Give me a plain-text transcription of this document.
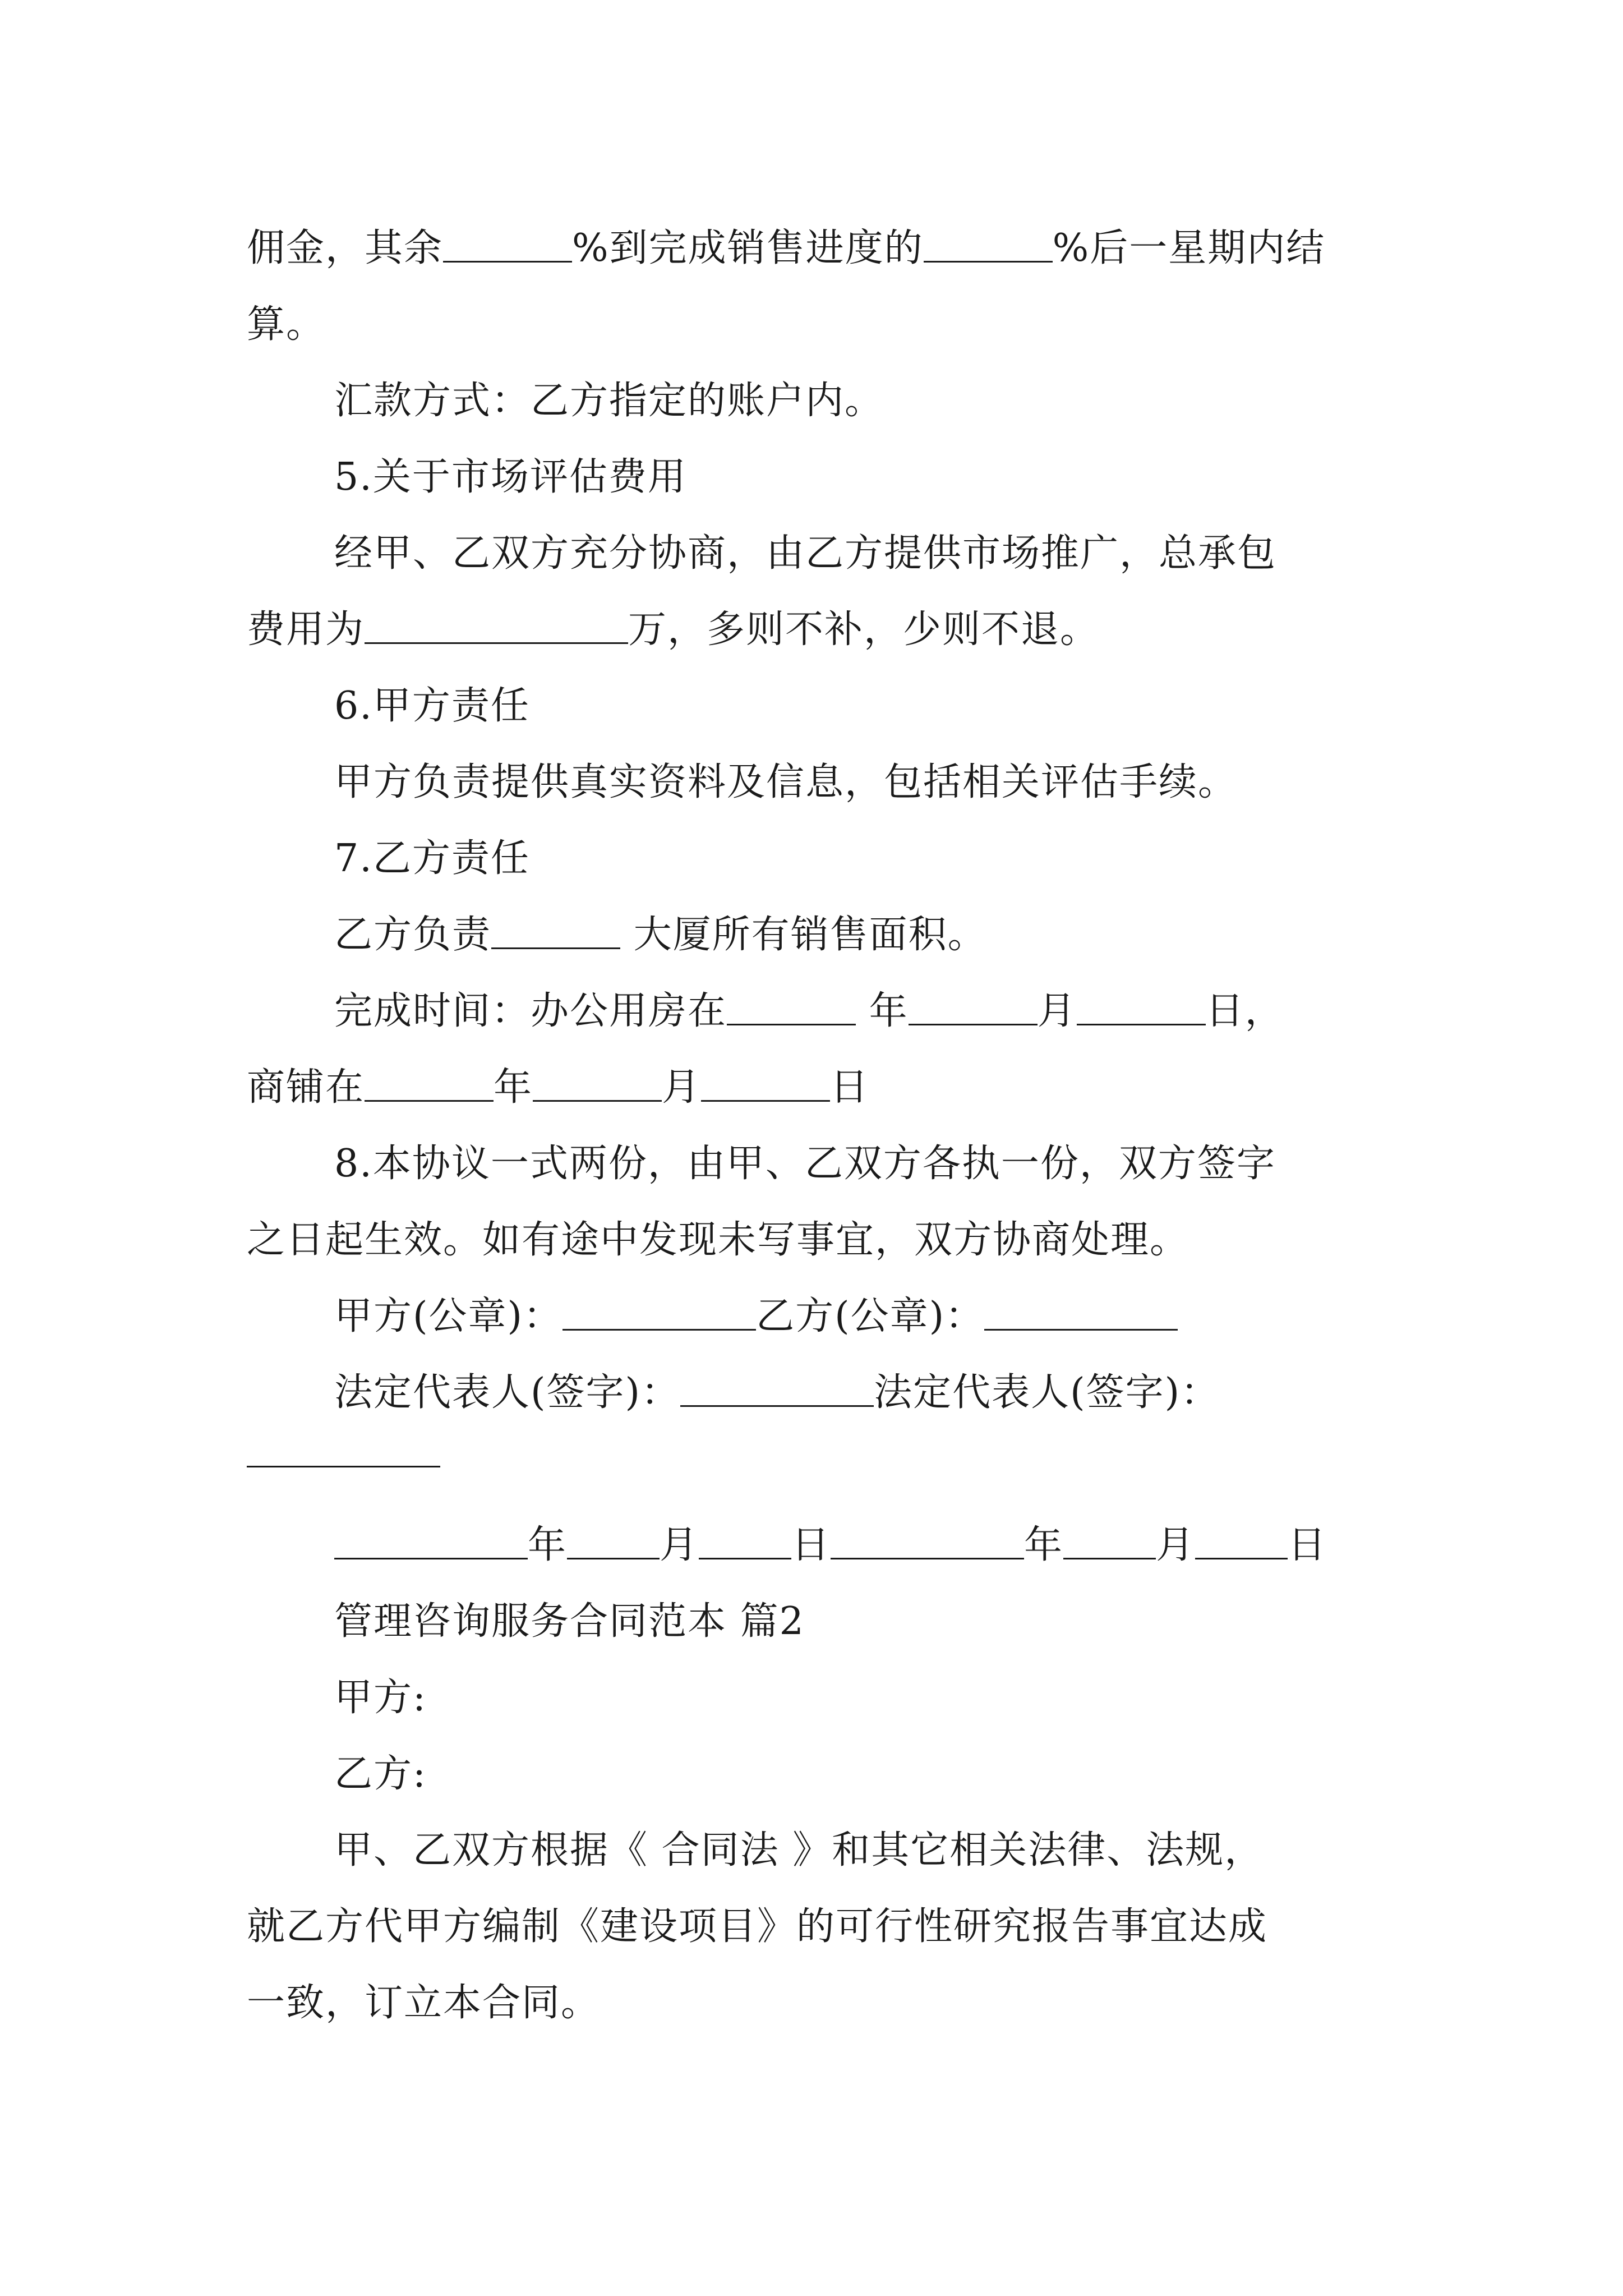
佣金，其余	%到完成销售进度的	%后一星期内结
算。
汇款方式：乙方指定的账户内。
5.关于市场评估费用
经甲、乙双方充分协商，由乙方提供市场推广，总承包
费用为	万，多则不补，少则不退。
6.甲方责任
甲方负责提供真实资料及信息，包括相关评估手续。
7.乙方责任
乙方负责	大厦所有销售面积。
完成时间：办公用房在	年	月	日，
商铺在	年	月	日
8.本协议一式两份，由甲、乙双方各执一份，双方签字
之日起生效。如有途中发现未写事宜，双方协商处理。
甲方(公章)：	乙方(公章)：
法定代表人(签字)：	法定代表人(签字)：
年 月 日	年 月 日
管理咨询服务合同范本 篇2
甲方:
乙方:
甲、乙双方根据《 合同法 》和其它相关法律、法规，
就乙方代甲方编制《建设项目》的可行性研究报告事宜达成
一致，订立本合同。
